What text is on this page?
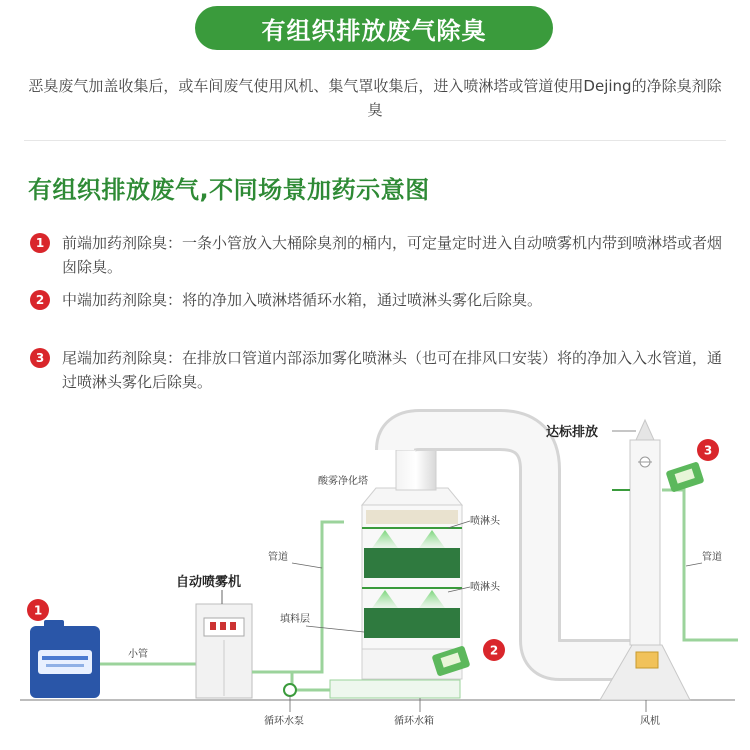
有组织排放废气除臭
恶臭废气加盖收集后，或车间废气使用风机、集气罩收集后，进入喷淋塔或管道使用Dejing的净除臭剂除臭
有组织排放废气,不同场景加药示意图
1	前端加药剂除臭：一条小管放入大桶除臭剂的桶内，可定量定时进入自动喷雾机内带到喷淋塔或者烟囱除臭。
2	中端加药剂除臭：将的净加入喷淋塔循环水箱，通过喷淋头雾化后除臭。
3	尾端加药剂除臭：在排放口管道内部添加雾化喷淋头（也可在排风口安装）将的净加入入水管道，通过喷淋头雾化后除臭。
小管
自动喷雾机
管道
循环水泵
酸雾净化塔
喷淋头
喷淋头
填料层
循环水箱
达标排放
风机
管道
1
2
3
